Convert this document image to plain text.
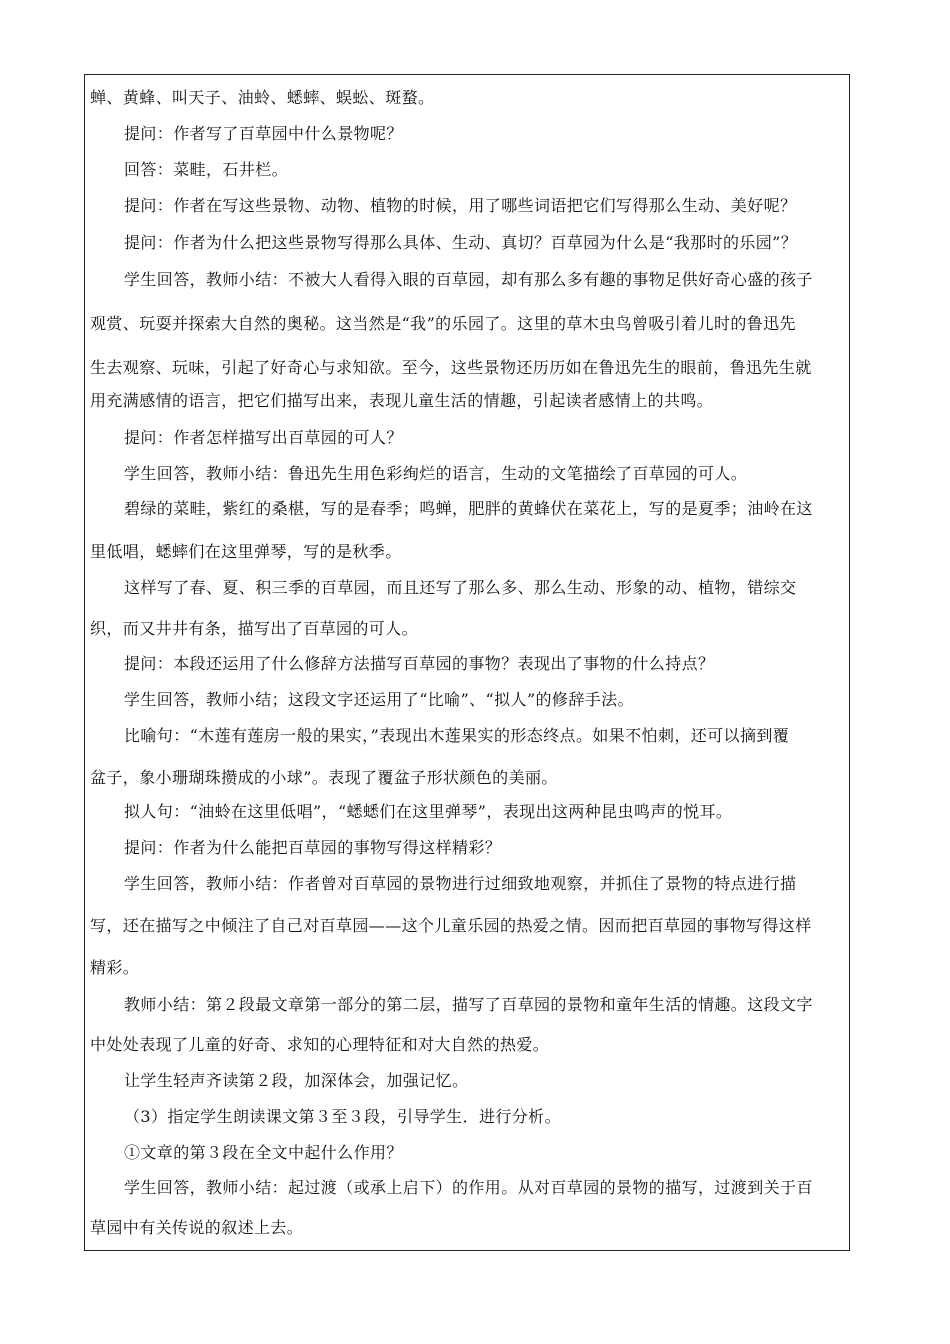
蝉、黄蜂、叫天子、油蛉、蟋蟀、蜈蚣、斑蝥。
提问：作者写了百草园中什么景物呢？
回答：菜畦，石井栏。
提问：作者在写这些景物、动物、植物的时候，用了哪些词语把它们写得那么生动、美好呢？
提问：作者为什么把这些景物写得那么具体、生动、真切？百草园为什么是“我那时的乐园”？
学生回答，教师小结：不被大人看得入眼的百草园，却有那么多有趣的事物足供好奇心盛的孩子
观赏、玩耍并探索大自然的奥秘。这当然是“我”的乐园了。这里的草木虫鸟曾吸引着儿时的鲁迅先
生去观察、玩味，引起了好奇心与求知欲。至今，这些景物还历历如在鲁迅先生的眼前，鲁迅先生就
用充满感情的语言，把它们描写出来，表现儿童生活的情趣，引起读者感情上的共鸣。
提问：作者怎样描写出百草园的可人？
学生回答，教师小结：鲁迅先生用色彩绚烂的语言，生动的文笔描绘了百草园的可人。
碧绿的菜畦，紫红的桑椹，写的是春季；鸣蝉，肥胖的黄蜂伏在菜花上，写的是夏季；油岭在这
里低唱，蟋蟀们在这里弹琴，写的是秋季。
这样写了春、夏、积三季的百草园，而且还写了那么多、那么生动、形象的动、植物，错综交
织，而又井井有条，描写出了百草园的可人。
提问：本段还运用了什么修辞方法描写百草园的事物？表现出了事物的什么持点？
学生回答，教师小结；这段文字还运用了“比喻”、“拟人”的修辞手法。
比喻句：“木莲有莲房一般的果实，”表现出木莲果实的形态终点。如果不怕刺，还可以摘到覆
盆子，象小珊瑚珠攒成的小球”。表现了覆盆子形状颜色的美丽。
拟人句：“油蛉在这里低唱”，“蟋蟋们在这里弹琴”，表现出这两种昆虫鸣声的悦耳。
提问：作者为什么能把百草园的事物写得这样精彩？
学生回答，教师小结：作者曾对百草园的景物进行过细致地观察，并抓住了景物的特点进行描
写，还在描写之中倾注了自己对百草园——这个儿童乐园的热爱之情。因而把百草园的事物写得这样
精彩。
教师小结：第２段最文章第一部分的第二层，描写了百草园的景物和童年生活的情趣。这段文字
中处处表现了儿童的好奇、求知的心理特征和对大自然的热爱。
让学生轻声齐读第２段，加深体会，加强记忆。
（3）指定学生朗读课文第３至３段，引导学生．进行分析。
①文章的第３段在全文中起什么作用？
学生回答，教师小结：起过渡（或承上启下）的作用。从对百草园的景物的描写，过渡到关于百
草园中有关传说的叙述上去。
